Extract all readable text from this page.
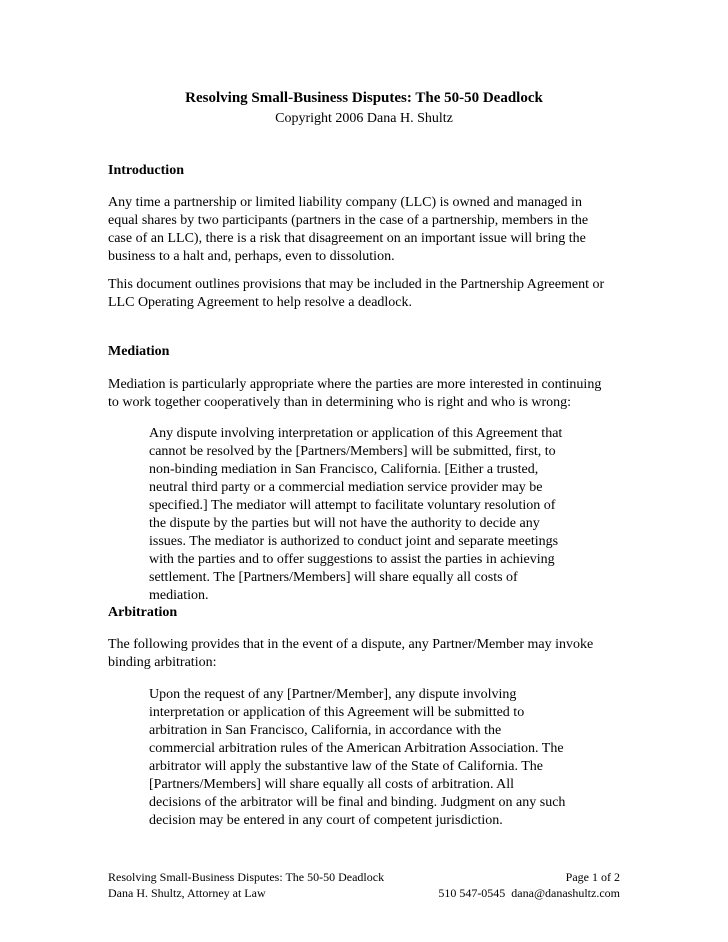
Resolving Small-Business Disputes: The 50-50 Deadlock
Copyright 2006 Dana H. Shultz
Introduction
Any time a partnership or limited liability company (LLC) is owned and managed in
equal shares by two participants (partners in the case of a partnership, members in the
case of an LLC), there is a risk that disagreement on an important issue will bring the
business to a halt and, perhaps, even to dissolution.
This document outlines provisions that may be included in the Partnership Agreement or
LLC Operating Agreement to help resolve a deadlock.
Mediation
Mediation is particularly appropriate where the parties are more interested in continuing
to work together cooperatively than in determining who is right and who is wrong:
Any dispute involving interpretation or application of this Agreement that
cannot be resolved by the [Partners/Members] will be submitted, first, to
non-binding mediation in San Francisco, California. [Either a trusted,
neutral third party or a commercial mediation service provider may be
specified.] The mediator will attempt to facilitate voluntary resolution of
the dispute by the parties but will not have the authority to decide any
issues. The mediator is authorized to conduct joint and separate meetings
with the parties and to offer suggestions to assist the parties in achieving
settlement. The [Partners/Members] will share equally all costs of
mediation.
Arbitration
The following provides that in the event of a dispute, any Partner/Member may invoke
binding arbitration:
Upon the request of any [Partner/Member], any dispute involving
interpretation or application of this Agreement will be submitted to
arbitration in San Francisco, California, in accordance with the
commercial arbitration rules of the American Arbitration Association. The
arbitrator will apply the substantive law of the State of California. The
[Partners/Members] will share equally all costs of arbitration. All
decisions of the arbitrator will be final and binding. Judgment on any such
decision may be entered in any court of competent jurisdiction.
Resolving Small-Business Disputes: The 50-50 Deadlock
Dana H. Shultz, Attorney at Law
Page 1 of 2
510 547-0545  dana@danashultz.com
